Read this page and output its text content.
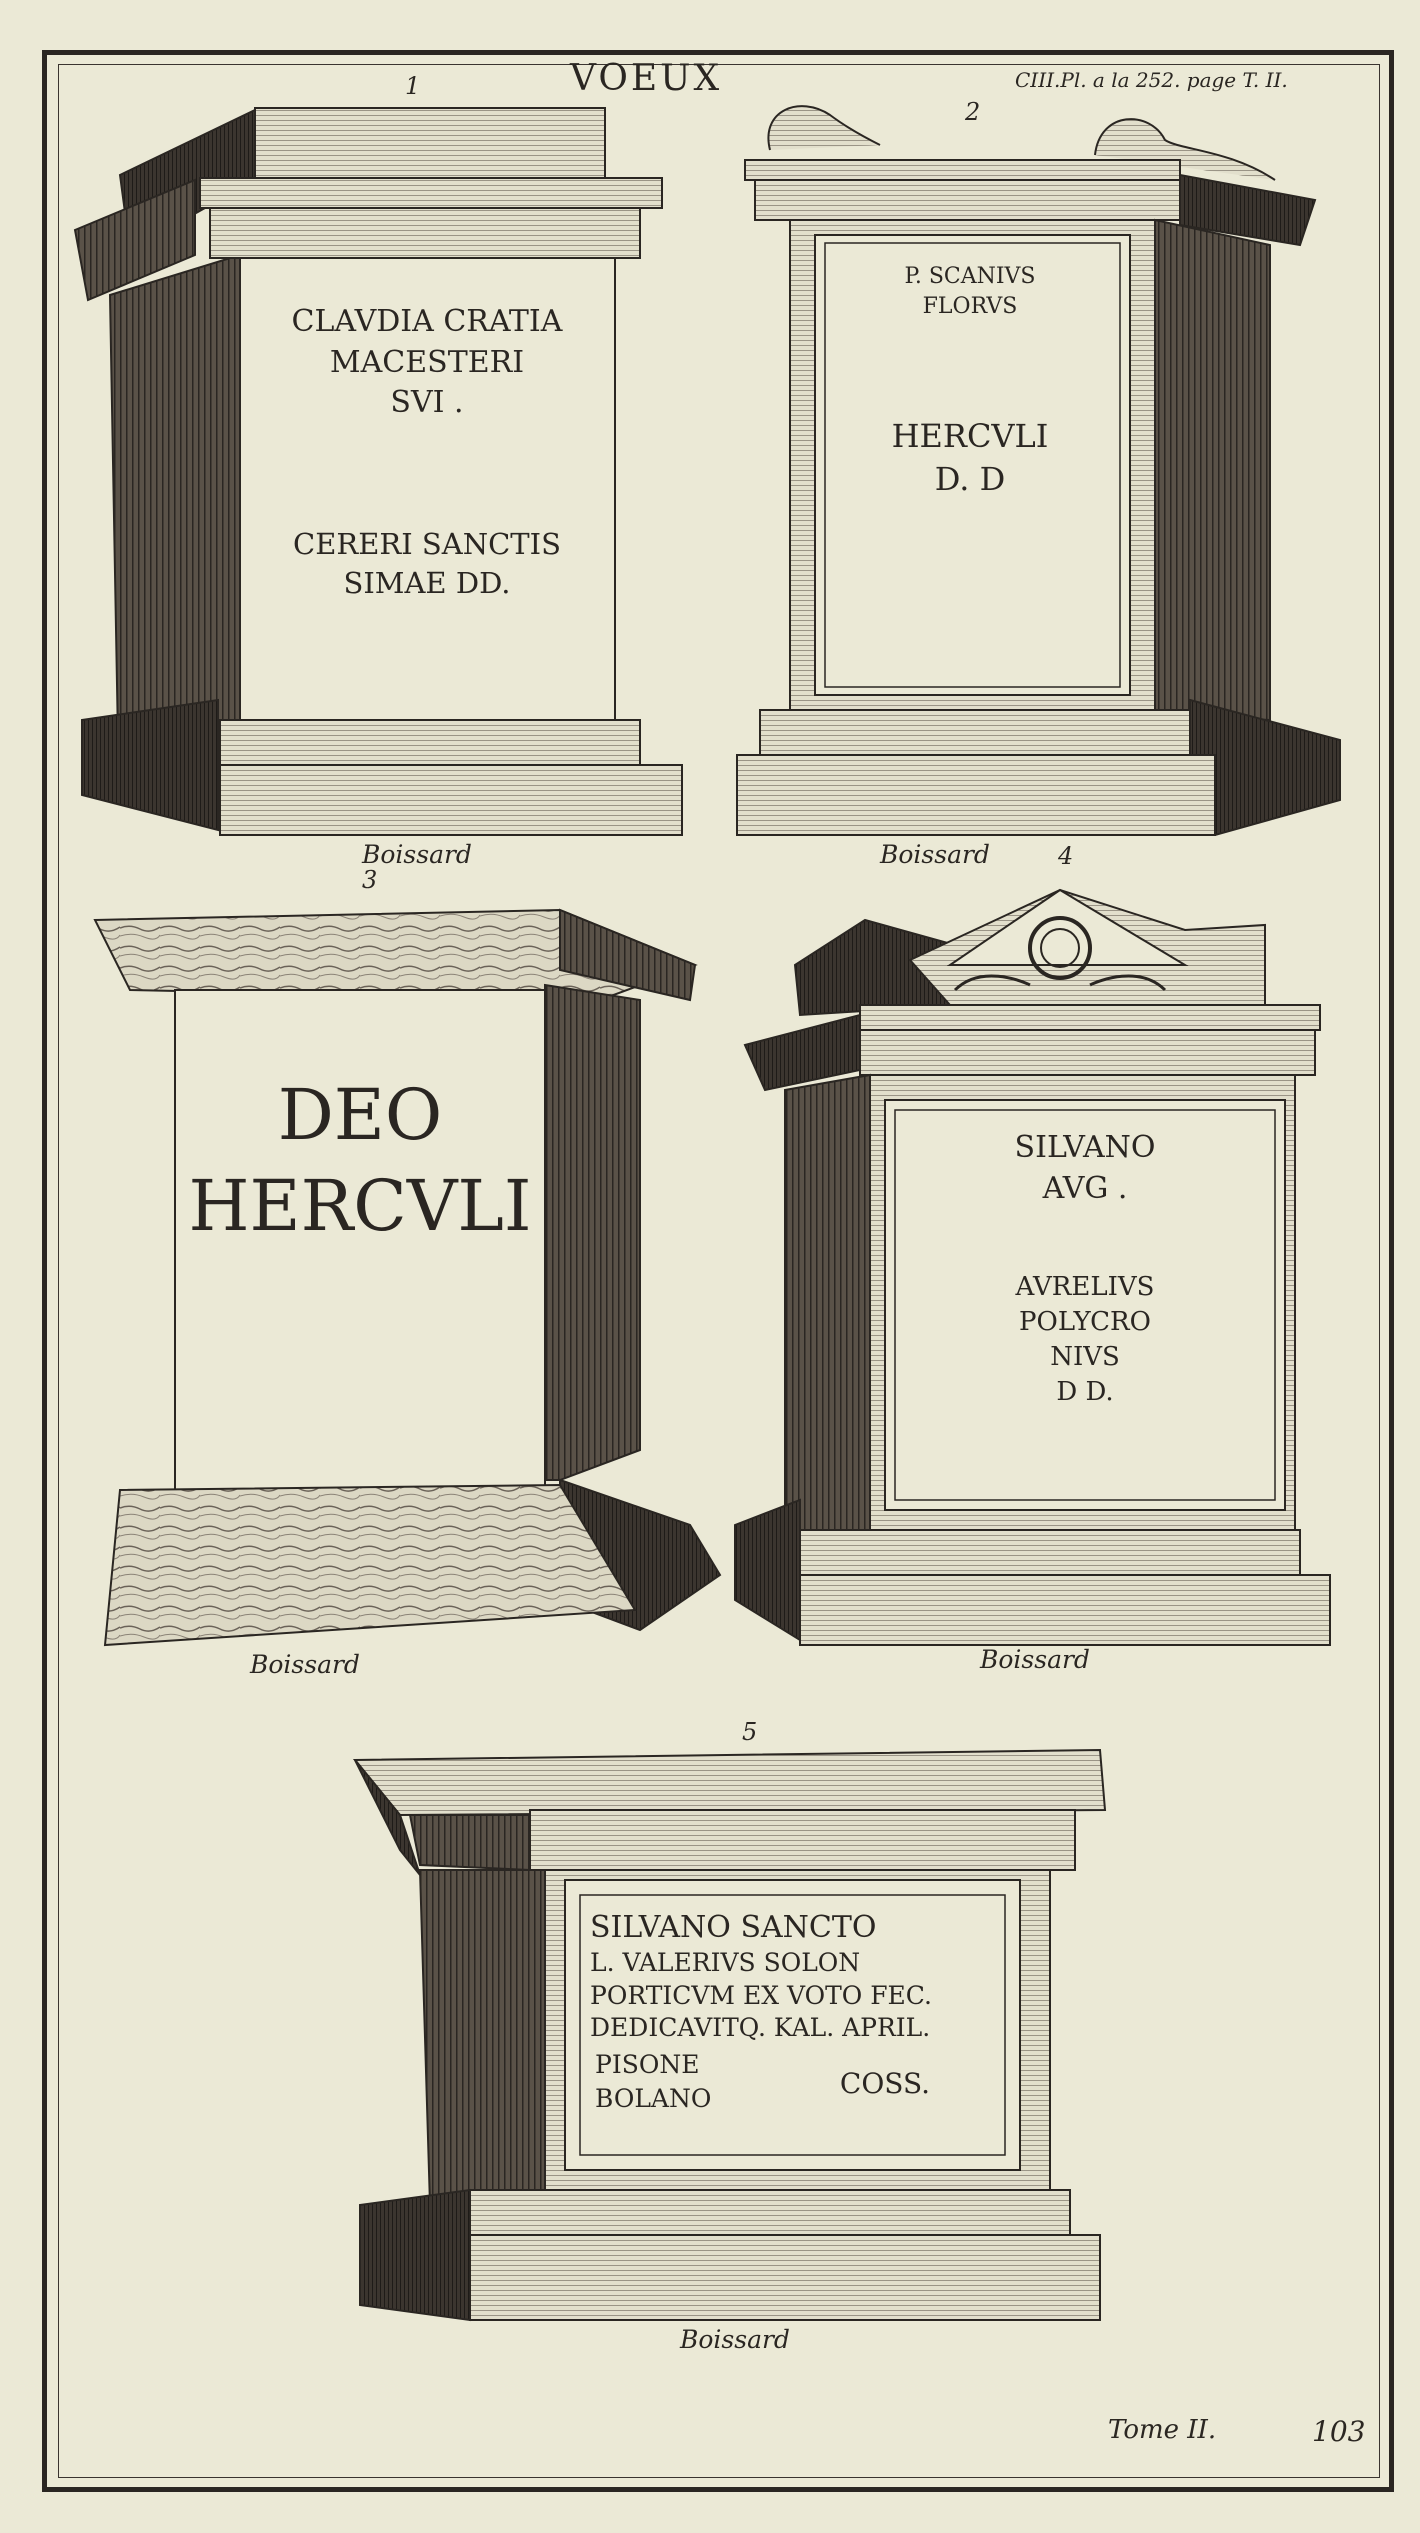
VOEUX	CIII.Pl. a la 252. page T. II.
1
2
3
4
5
CLAVDIA CRATIA
MACESTERI
SVI .
CERERI SANCTIS
SIMAE DD.
P. SCANIVS
FLORVS
HERCVLI
D. D
DEO
HERCVLI
SILVANO
AVG .
AVRELIVS
POLYCRO
NIVS
D D.
SILVANO SANCTO
L. VALERIVS SOLON
PORTICVM EX VOTO FEC.
DEDICAVITQ. KAL. APRIL.
PISONE
BOLANO	COSS.
Boissard	Boissard
Boissard	Boissard
Boissard
Tome II.	103
